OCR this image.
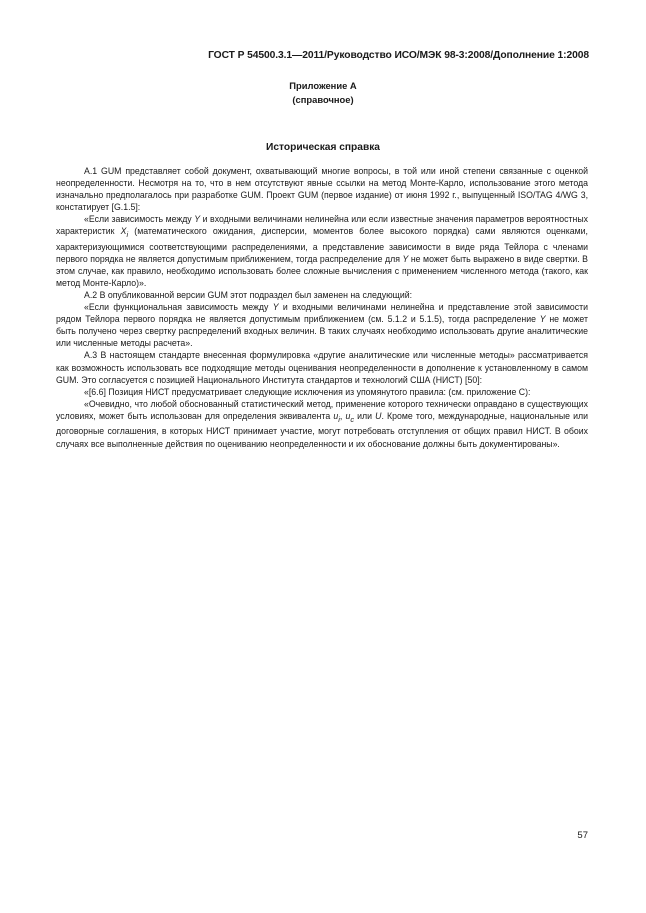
ГОСТ Р 54500.3.1—2011/Руководство ИСО/МЭК 98-3:2008/Дополнение 1:2008
Приложение А
(справочное)
Историческая справка

А.1 GUM представляет собой документ, охватывающий многие вопросы, в той или иной степени связанные с оценкой неопределенности. Несмотря на то, что в нем отсутствуют явные ссылки на метод Монте-Карло, использование этого метода изначально предполагалось при разработке GUM. Проект GUM (первое издание) от июня 1992 г., выпущенный ISO/TAG 4/WG 3, констатирует [G.1.5]:

«Если зависимость между Y и входными величинами нелинейна или если известные значения параметров вероятностных характеристик $X_i$ (математического ожидания, дисперсии, моментов более высокого порядка) сами являются оценками, характеризующимися соответствующими распределениями, а представление зависимости в виде ряда Тейлора с членами первого порядка не является допустимым приближением, тогда распределение для Y не может быть выражено в виде свертки. В этом случае, как правило, необходимо использовать более сложные вычисления с применением численного метода (такого, как метод Монте-Карло)».

А.2 В опубликованной версии GUM этот подраздел был заменен на следующий:

«Если функциональная зависимость между Y и входными величинами нелинейна и представление этой зависимости рядом Тейлора первого порядка не является допустимым приближением (см. 5.1.2 и 5.1.5), тогда распределение Y не может быть получено через свертку распределений входных величин. В таких случаях необходимо использовать другие аналитические или численные методы расчета».

А.3 В настоящем стандарте внесенная формулировка «другие аналитические или численные методы» рассматривается как возможность использовать все подходящие методы оценивания неопределенности в дополнение к установленному в самом GUM. Это согласуется с позицией Национального Института стандартов и технологий США (НИСТ) [50]:

«[6.6] Позиция НИСТ предусматривает следующие исключения из упомянутого правила: (см. приложение С):

«Очевидно, что любой обоснованный статистический метод, применение которого технически оправдано в существующих условиях, может быть использован для определения эквивалента $u_i$, $u_c$ или U. Кроме того, международные, национальные или договорные соглашения, в которых НИСТ принимает участие, могут потребовать отступления от общих правил НИСТ. В обоих случаях все выполненные действия по оцениванию неопределенности и их обоснование должны быть документированы».

57
